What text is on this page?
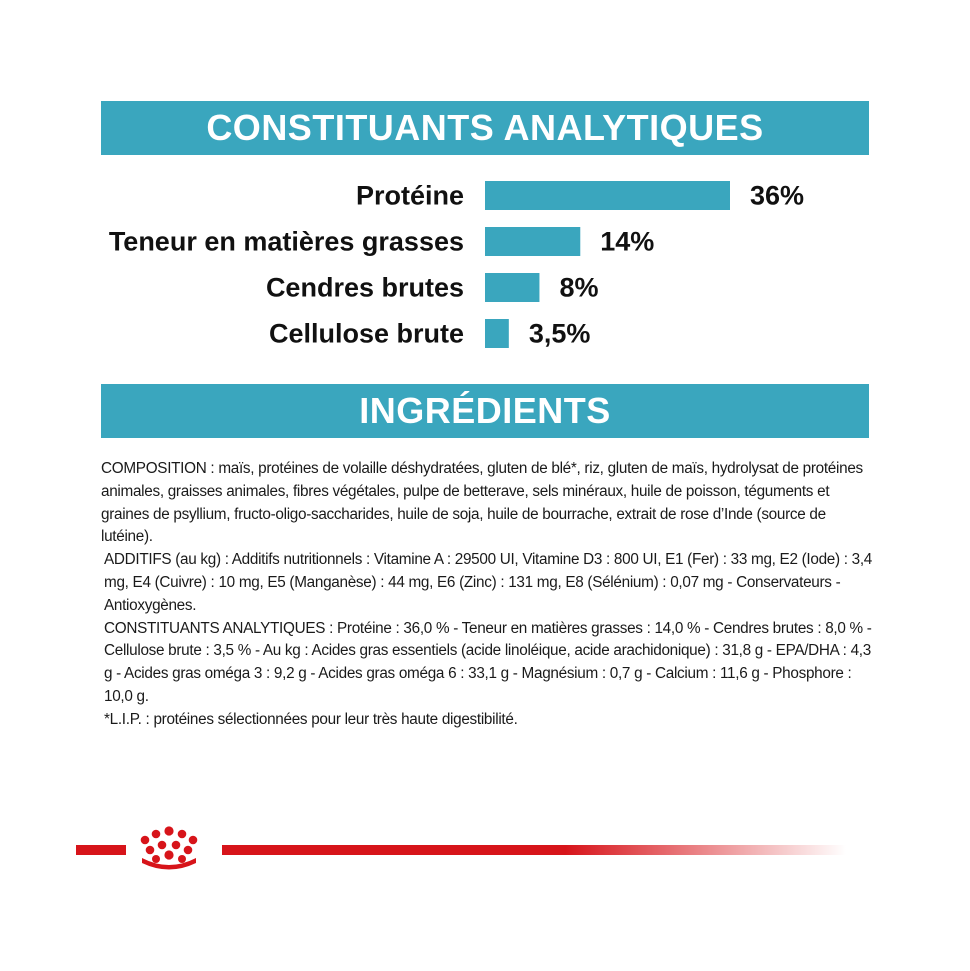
CONSTITUANTS ANALYTIQUES
Protéine	36%
Teneur en matières grasses	14%
Cendres brutes	8%
Cellulose brute 3,5%
INGRÉDIENTS

COMPOSITION : maïs, protéines de volaille déshydratées, gluten de blé*, riz, gluten de maïs, hydrolysat de protéines animales, graisses animales, fibres végétales, pulpe de betterave, sels minéraux, huile de poisson, téguments et graines de psyllium, fructo-oligo-saccharides, huile de soja, huile de bourrache, extrait de rose d’Inde (source de lutéine).

ADDITIFS (au kg) : Additifs nutritionnels : Vitamine A : 29500 UI, Vitamine D3 : 800 UI, E1 (Fer) : 33 mg, E2 (Iode) : 3,4 mg, E4 (Cuivre) : 10 mg, E5 (Manganèse) : 44 mg, E6 (Zinc) : 131 mg, E8 (Sélénium) : 0,07 mg - Conservateurs - Antioxygènes.

CONSTITUANTS ANALYTIQUES : Protéine : 36,0 % - Teneur en matières grasses : 14,0 % - Cendres brutes : 8,0 % - Cellulose brute : 3,5 % - Au kg : Acides gras essentiels (acide linoléique, acide arachidonique) : 31,8 g - EPA/DHA : 4,3 g - Acides gras oméga 3 : 9,2 g - Acides gras oméga 6 : 33,1 g - Magnésium : 0,7 g - Calcium : 11,6 g - Phosphore : 10,0 g.

*L.I.P. : protéines sélectionnées pour leur très haute digestibilité.
